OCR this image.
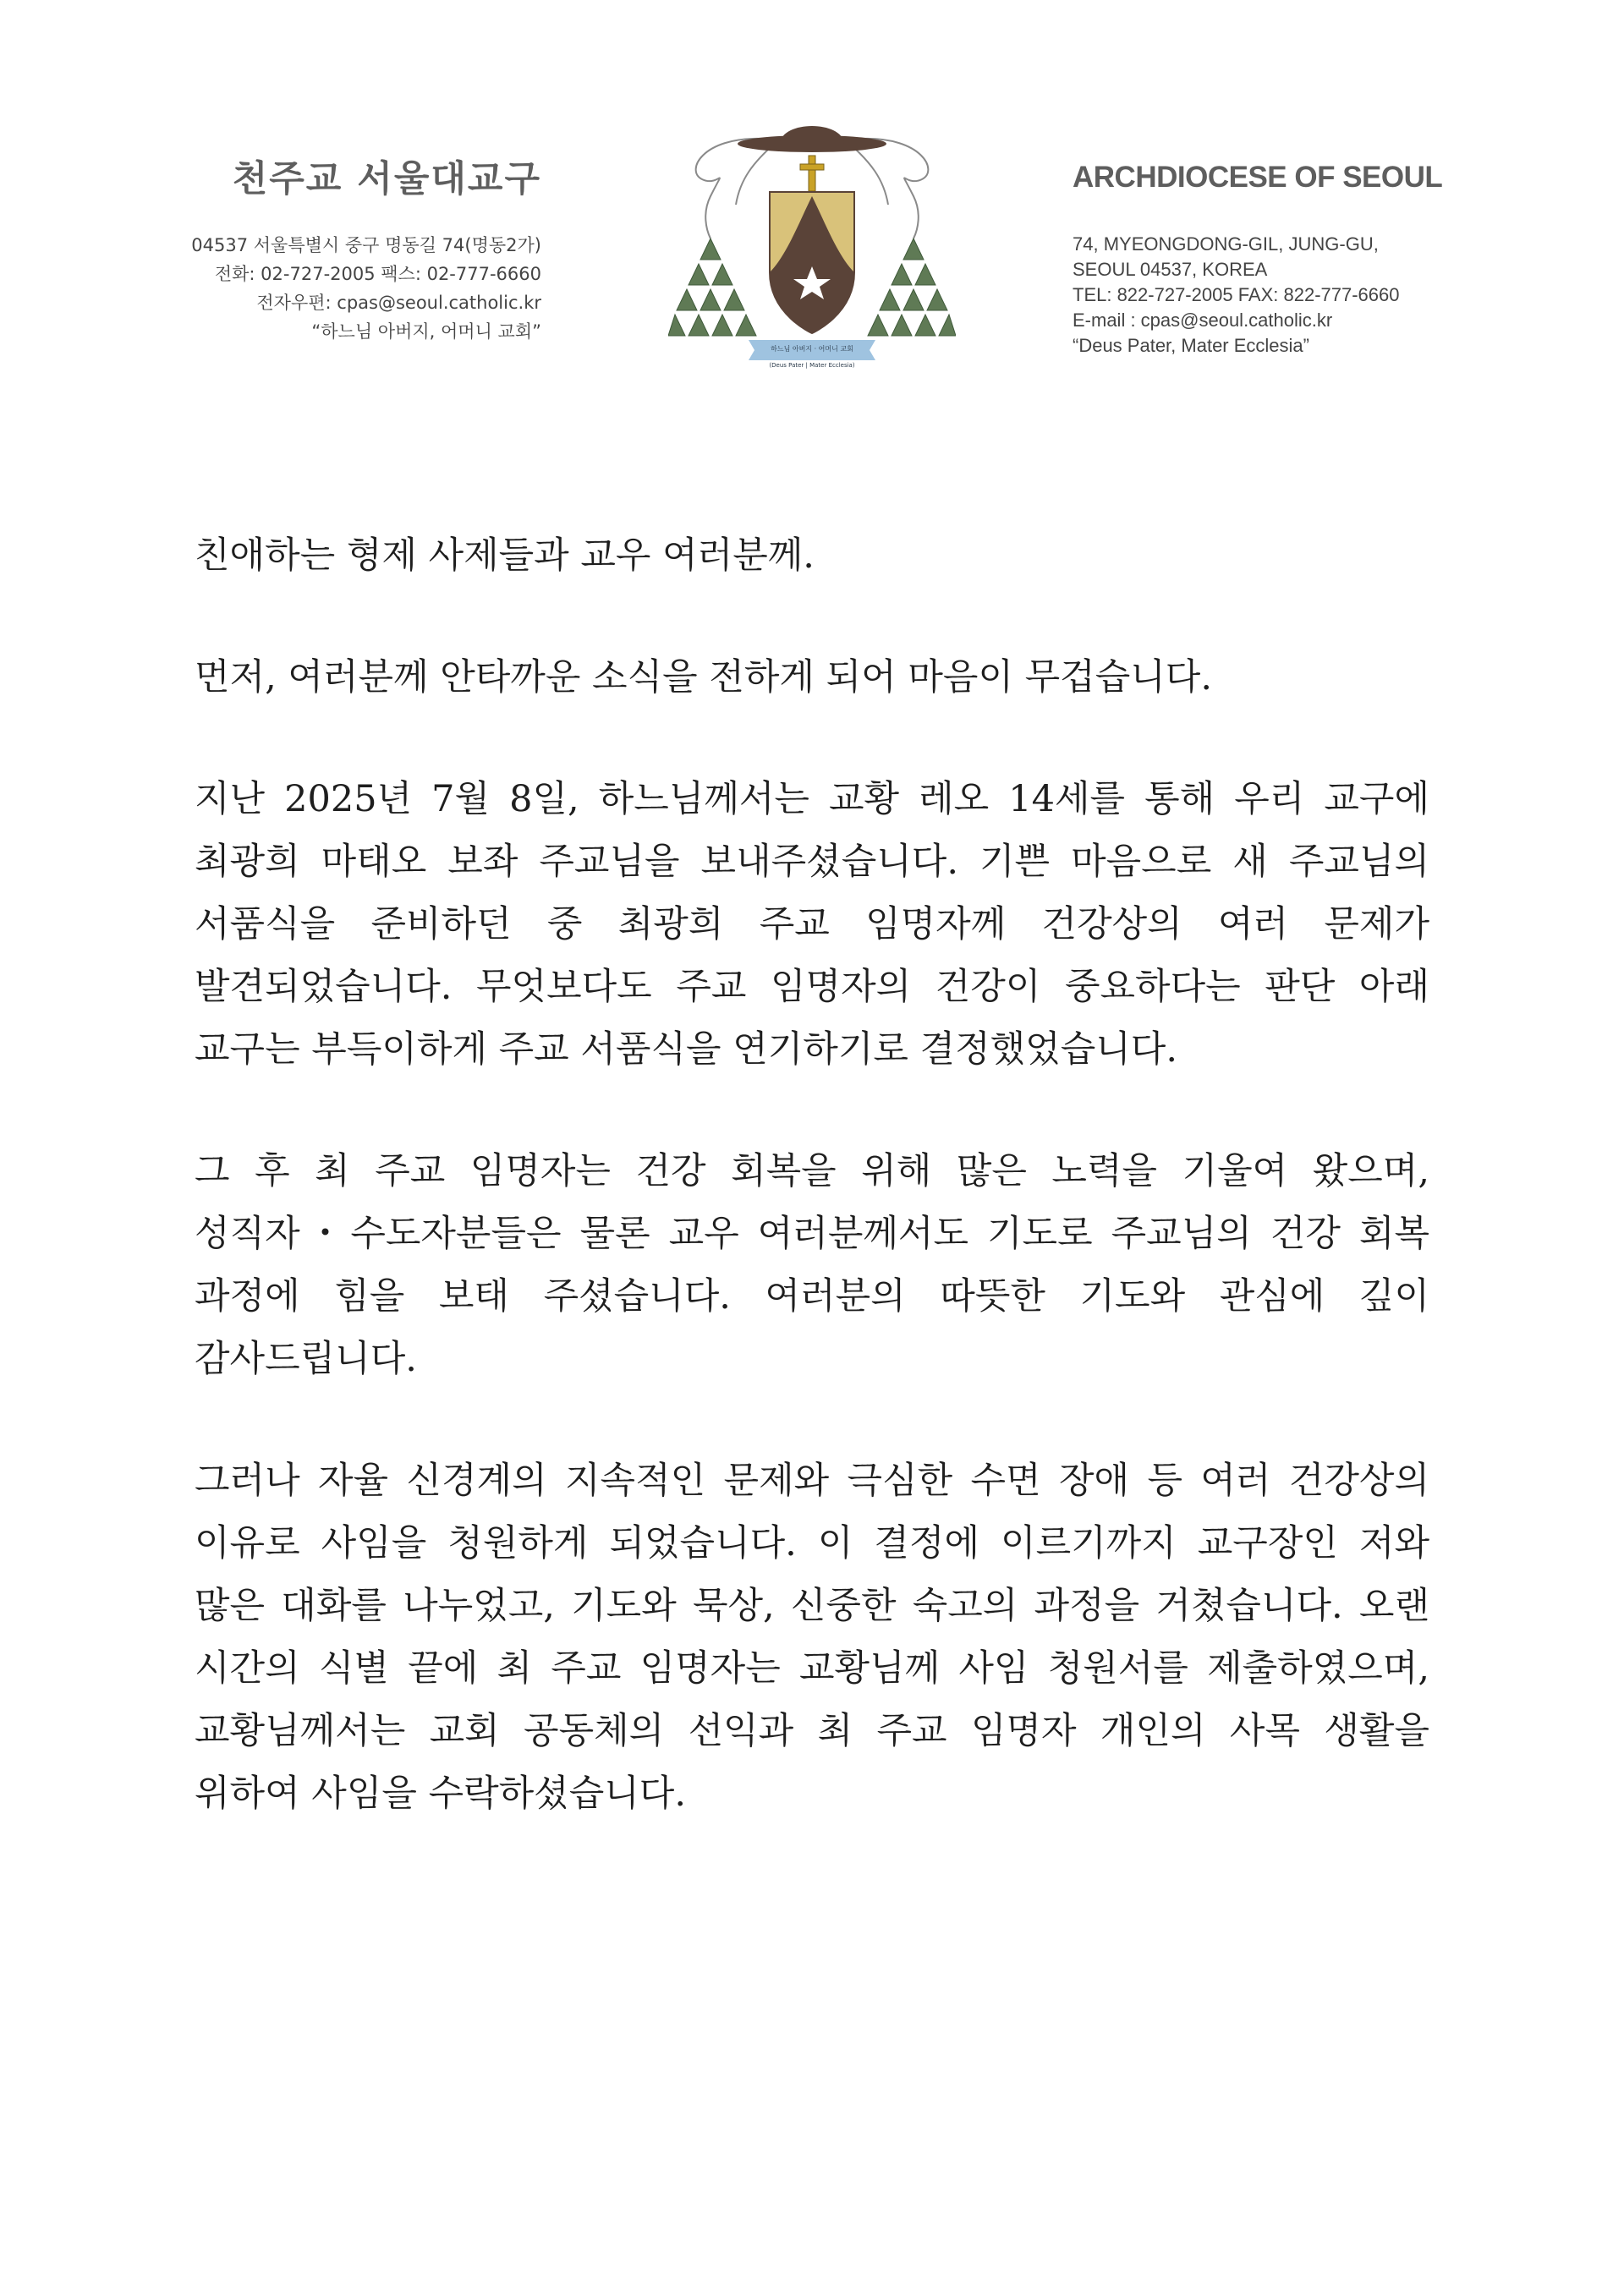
천주교 서울대교구
04537 서울특별시 중구 명동길 74(명동2가)
전화: 02-727-2005 팩스: 02-777-6660
전자우편: cpas@seoul.catholic.kr
“하느님 아버지, 어머니 교회”
하느님 아버지 · 어머니 교회
(Deus Pater | Mater Ecclesia)
ARCHDIOCESE OF SEOUL
74, MYEONGDONG-GIL, JUNG-GU,
SEOUL 04537, KOREA
TEL: 822-727-2005 FAX: 822-777-6660
E-mail : cpas@seoul.catholic.kr
“Deus Pater, Mater Ecclesia”

친애하는 형제 사제들과 교우 여러분께.

먼저, 여러분께 안타까운 소식을 전하게 되어 마음이 무겁습니다.

지난 2025년 7월 8일, 하느님께서는 교황 레오 14세를 통해 우리 교구에 최광희 마태오 보좌 주교님을 보내주셨습니다. 기쁜 마음으로 새 주교님의 서품식을 준비하던 중 최광희 주교 임명자께 건강상의 여러 문제가 발견되었습니다. 무엇보다도 주교 임명자의 건강이 중요하다는 판단 아래 교구는 부득이하게 주교 서품식을 연기하기로 결정했었습니다.

그 후 최 주교 임명자는 건강 회복을 위해 많은 노력을 기울여 왔으며, 성직자・수도자분들은 물론 교우 여러분께서도 기도로 주교님의 건강 회복 과정에 힘을 보태 주셨습니다. 여러분의 따뜻한 기도와 관심에 깊이 감사드립니다.

그러나 자율 신경계의 지속적인 문제와 극심한 수면 장애 등 여러 건강상의 이유로 사임을 청원하게 되었습니다. 이 결정에 이르기까지 교구장인 저와 많은 대화를 나누었고, 기도와 묵상, 신중한 숙고의 과정을 거쳤습니다. 오랜 시간의 식별 끝에 최 주교 임명자는 교황님께 사임 청원서를 제출하였으며, 교황님께서는 교회 공동체의 선익과 최 주교 임명자 개인의 사목 생활을 위하여 사임을 수락하셨습니다.
